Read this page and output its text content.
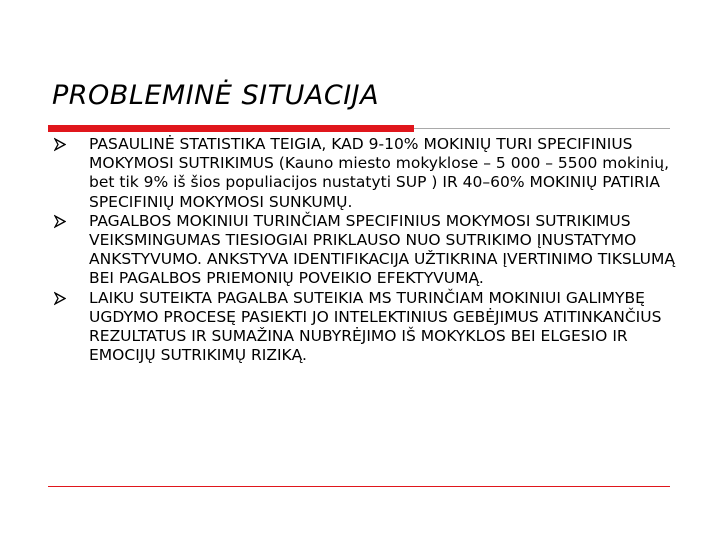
PROBLEMINĖ SITUACIJA
PASAULINĖ STATISTIKA TEIGIA, KAD 9-10% MOKINIŲ TURI SPECIFINIUS MOKYMOSI SUTRIKIMUS (Kauno miesto mokyklose – 5 000 – 5500 mokinių, bet tik 9% iš šios populiacijos nustatyti SUP ) IR 40–60% MOKINIŲ PATIRIA SPECIFINIŲ MOKYMOSI SUNKUMŲ.
PAGALBOS MOKINIUI TURINČIAM SPECIFINIUS MOKYMOSI SUTRIKIMUS VEIKSMINGUMAS TIESIOGIAI PRIKLAUSO NUO SUTRIKIMO ĮNUSTATYMO ANKSTYVUMO. ANKSTYVA IDENTIFIKACIJA UŽTIKRINA ĮVERTINIMO TIKSLUMĄ BEI PAGALBOS PRIEMONIŲ POVEIKIO EFEKTYVUMĄ.
LAIKU SUTEIKTA PAGALBA SUTEIKIA MS TURINČIAM MOKINIUI GALIMYBĘ UGDYMO PROCESĘ PASIEKTI JO INTELEKTINIUS GEBĖJIMUS ATITINKANČIUS REZULTATUS IR SUMAŽINA NUBYRĖJIMO IŠ MOKYKLOS BEI ELGESIO IR EMOCIJŲ SUTRIKIMŲ RIZIKĄ.
